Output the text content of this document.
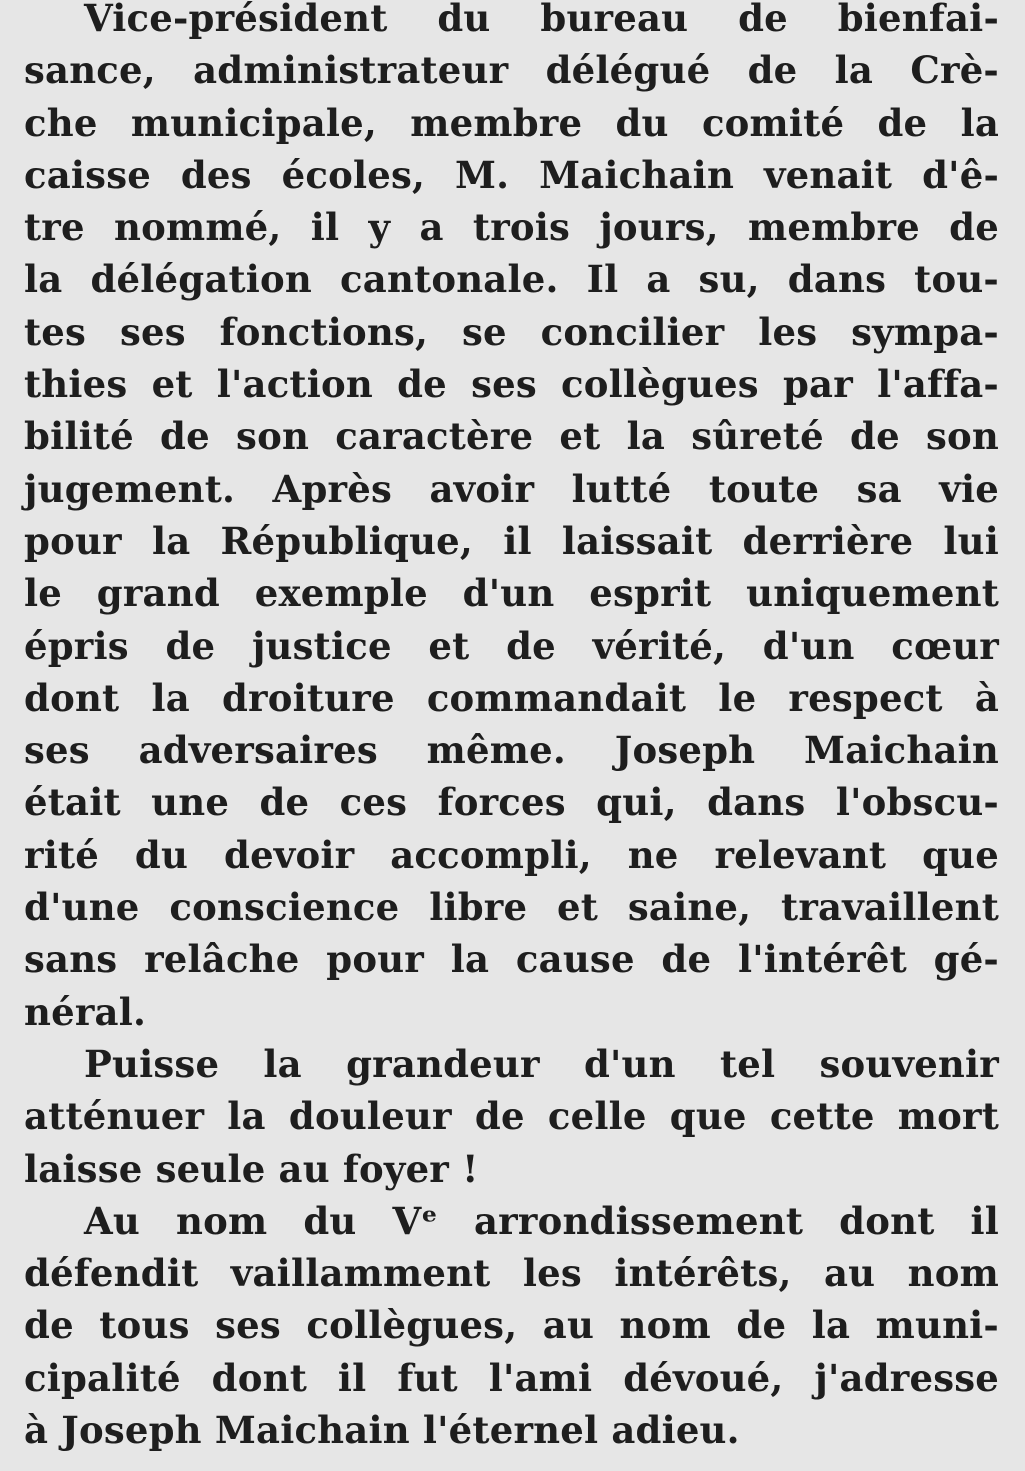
Vice-président du bureau de bienfai-
sance, administrateur délégué de la Crè-
che municipale, membre du comité de la
caisse des écoles, M. Maichain venait d'ê-
tre nommé, il y a trois jours, membre de
la délégation cantonale. Il a su, dans tou-
tes ses fonctions, se concilier les sympa-
thies et l'action de ses collègues par l'affa-
bilité de son caractère et la sûreté de son
jugement. Après avoir lutté toute sa vie
pour la République, il laissait derrière lui
le grand exemple d'un esprit uniquement
épris de justice et de vérité, d'un cœur
dont la droiture commandait le respect à
ses adversaires même. Joseph Maichain
était une de ces forces qui, dans l'obscu-
rité du devoir accompli, ne relevant que
d'une conscience libre et saine, travaillent
sans relâche pour la cause de l'intérêt gé-
néral.
Puisse la grandeur d'un tel souvenir
atténuer la douleur de celle que cette mort
laisse seule au foyer !
Au nom du Vᵉ arrondissement dont il
défendit vaillamment les intérêts, au nom
de tous ses collègues, au nom de la muni-
cipalité dont il fut l'ami dévoué, j'adresse
à Joseph Maichain l'éternel adieu.
